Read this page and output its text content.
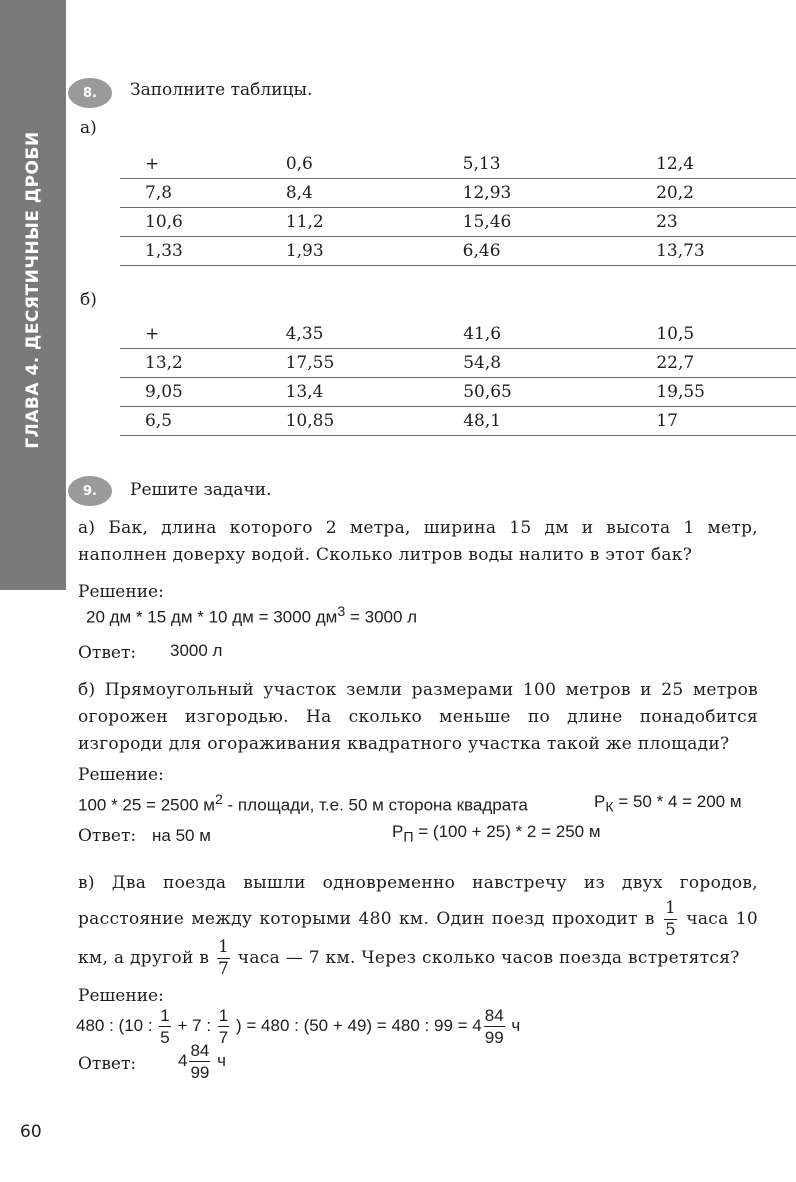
ГЛАВА 4. ДЕСЯТИЧНЫЕ ДРОБИ
8.	Заполните таблицы.
а)
+	0,6	5,13	12,4
7,8	8,4	12,93	20,2
10,6	11,2	15,46	23
1,33	1,93	6,46	13,73
б)
+	4,35	41,6	10,5
13,2	17,55	54,8	22,7
9,05	13,4	50,65	19,55
6,5	10,85	48,1	17
9.	Решите задачи.
а) Бак, длина которого 2 метра, ширина 15 дм и высота 1 метр, наполнен доверху водой. Сколько литров воды налито в этот бак?
Решение:
20 дм * 15 дм * 10 дм = 3000 $дм^3 = 3000$ л
Ответ: 3000 л
б) Прямоугольный участок земли размерами 100 метров и 25 метров огорожен изгородью. На сколько меньше по длине понадобится изгороди для огораживания квадратного участка такой же площади?
Решение:
100 * 25 = 2500 $м^2$ - площади, т.е. 50 м сторона квадрата	$P_К = 50 * 4 = 200$ м
Ответ: на 50 м	$P_П = (100 + 25) * 2 = 250$ м
в) Два поезда вышли одновременно навстречу из двух городов, расстояние между которыми 480 км. Один поезд проходит в $\frac{1}{5}$ часа 10 км, а другой в $\frac{1}{7}$ часа — 7 км. Через сколько часов поезда встретятся?
Решение:
480 : (10 : $\frac{1}{5} + 7$ : $\frac{1}{7}$ ) = 480 : (50 + 49) = 480 : $99 = 4 \frac{84}{99}$ ч
Ответ: $4 \frac{84}{99}$ ч
60
